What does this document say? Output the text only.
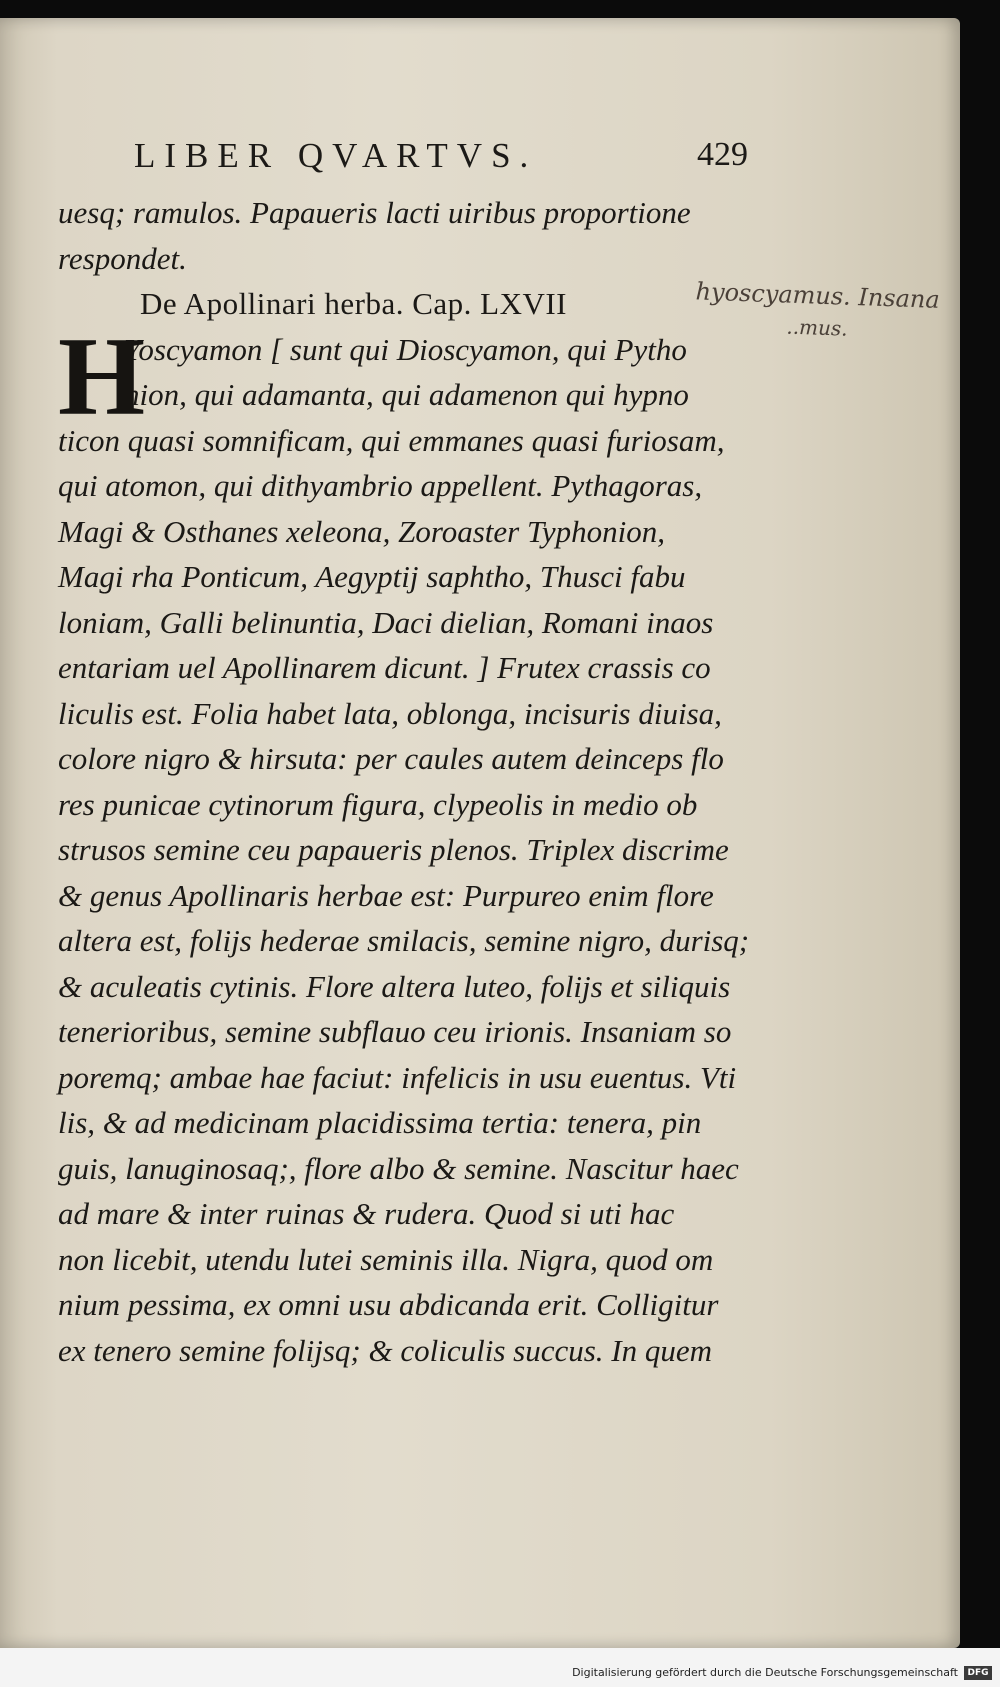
LIBER QVARTVS.	429
H
uesq; ramulos. Papaueris lacti uiribus proportione
respondet.
De Apollinari herba. Cap. LXVII
Yoscyamon [ sunt qui Dioscyamon, qui Pytho
nion, qui adamanta, qui adamenon qui hypno
ticon quasi somnificam, qui emmanes quasi furiosam,
qui atomon, qui dithyambrio appellent. Pythagoras,
Magi & Osthanes xeleona, Zoroaster Typhonion,
Magi rha Ponticum, Aegyptij saphtho, Thusci fabu
loniam, Galli belinuntia, Daci dielian, Romani inaos
entariam uel Apollinarem dicunt. ] Frutex crassis co
liculis est. Folia habet lata, oblonga, incisuris diuisa,
colore nigro & hirsuta: per caules autem deinceps flo
res punicae cytinorum figura, clypeolis in medio ob
strusos semine ceu papaueris plenos. Triplex discrime
& genus Apollinaris herbae est: Purpureo enim flore
altera est, folijs hederae smilacis, semine nigro, durisq;
& aculeatis cytinis. Flore altera luteo, folijs et siliquis
tenerioribus, semine subflauo ceu irionis. Insaniam so
poremq; ambae hae faciut: infelicis in usu euentus. Vti
lis, & ad medicinam placidissima tertia: tenera, pin
guis, lanuginosaq;, flore albo & semine. Nascitur haec
ad mare & inter ruinas & rudera. Quod si uti hac
non licebit, utendu lutei seminis illa. Nigra, quod om
nium pessima, ex omni usu abdicanda erit. Colligitur
ex tenero semine folijsq; & coliculis succus. In quem
hyoscyamus. Insana
..mus.
Digitalisierung gefördert durch die Deutsche Forschungsgemeinschaft	DFG
